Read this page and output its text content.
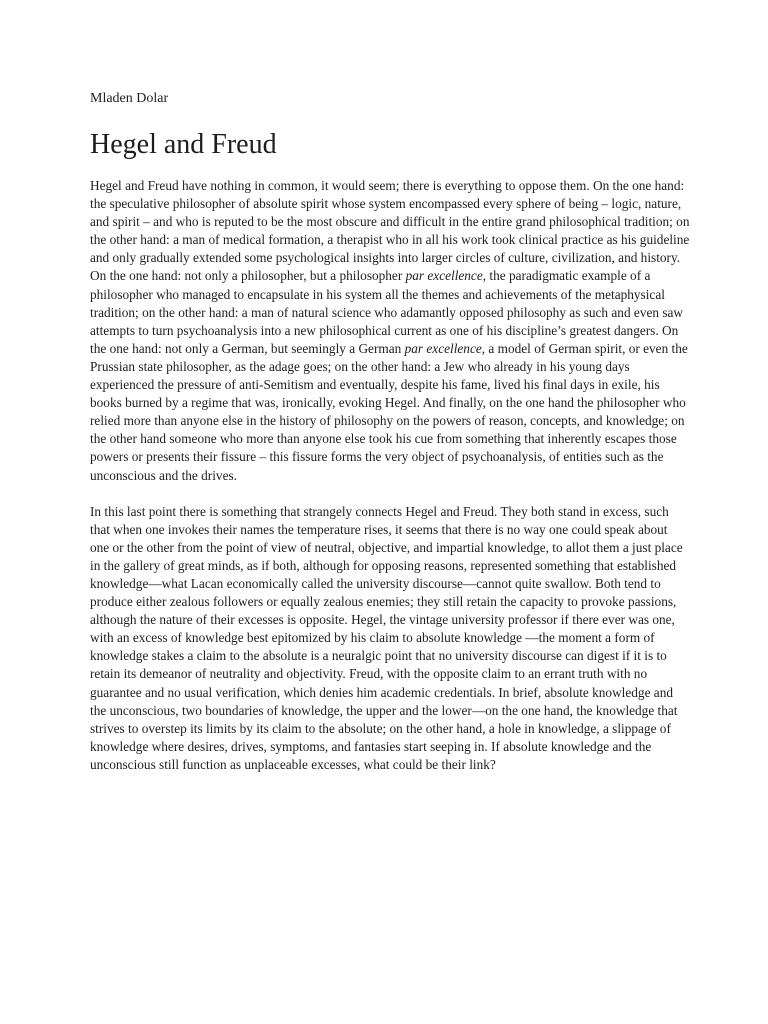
Mladen Dolar

Hegel and Freud

Hegel and Freud have nothing in common, it would seem; there is everything to oppose them. On the one hand: the speculative philosopher of absolute spirit whose system encompassed every sphere of being – logic, nature, and spirit – and who is reputed to be the most obscure and difficult in the entire grand philosophical tradition; on the other hand: a man of medical formation, a therapist who in all his work took clinical practice as his guideline and only gradually extended some psychological insights into larger circles of culture, civilization, and history. On the one hand: not only a philosopher, but a philosopher par excellence, the paradigmatic example of a philosopher who managed to encapsulate in his system all the themes and achievements of the metaphysical tradition; on the other hand: a man of natural science who adamantly opposed philosophy as such and even saw attempts to turn psychoanalysis into a new philosophical current as one of his discipline’s greatest dangers. On the one hand: not only a German, but seemingly a German par excellence, a model of German spirit, or even the Prussian state philosopher, as the adage goes; on the other hand: a Jew who already in his young days experienced the pressure of anti-Semitism and eventually, despite his fame, lived his final days in exile, his books burned by a regime that was, ironically, evoking Hegel. And finally, on the one hand the philosopher who relied more than anyone else in the history of philosophy on the powers of reason, concepts, and knowledge; on the other hand someone who more than anyone else took his cue from something that inherently escapes those powers or presents their fissure – this fissure forms the very object of psychoanalysis, of entities such as the unconscious and the drives.

In this last point there is something that strangely connects Hegel and Freud. They both stand in excess, such that when one invokes their names the temperature rises, it seems that there is no way one could speak about one or the other from the point of view of neutral, objective, and impartial knowledge, to allot them a just place in the gallery of great minds, as if both, although for opposing reasons, represented something that established knowledge—what Lacan economically called the university discourse—cannot quite swallow. Both tend to produce either zealous followers or equally zealous enemies; they still retain the capacity to provoke passions, although the nature of their excesses is opposite. Hegel, the vintage university professor if there ever was one, with an excess of knowledge best epitomized by his claim to absolute knowledge —the moment a form of knowledge stakes a claim to the absolute is a neuralgic point that no university discourse can digest if it is to retain its demeanor of neutrality and objectivity. Freud, with the opposite claim to an errant truth with no guarantee and no usual verification, which denies him academic credentials. In brief, absolute knowledge and the unconscious, two boundaries of knowledge, the upper and the lower—on the one hand, the knowledge that strives to overstep its limits by its claim to the absolute; on the other hand, a hole in knowledge, a slippage of knowledge where desires, drives, symptoms, and fantasies start seeping in. If absolute knowledge and the unconscious still function as unplaceable excesses, what could be their link?
